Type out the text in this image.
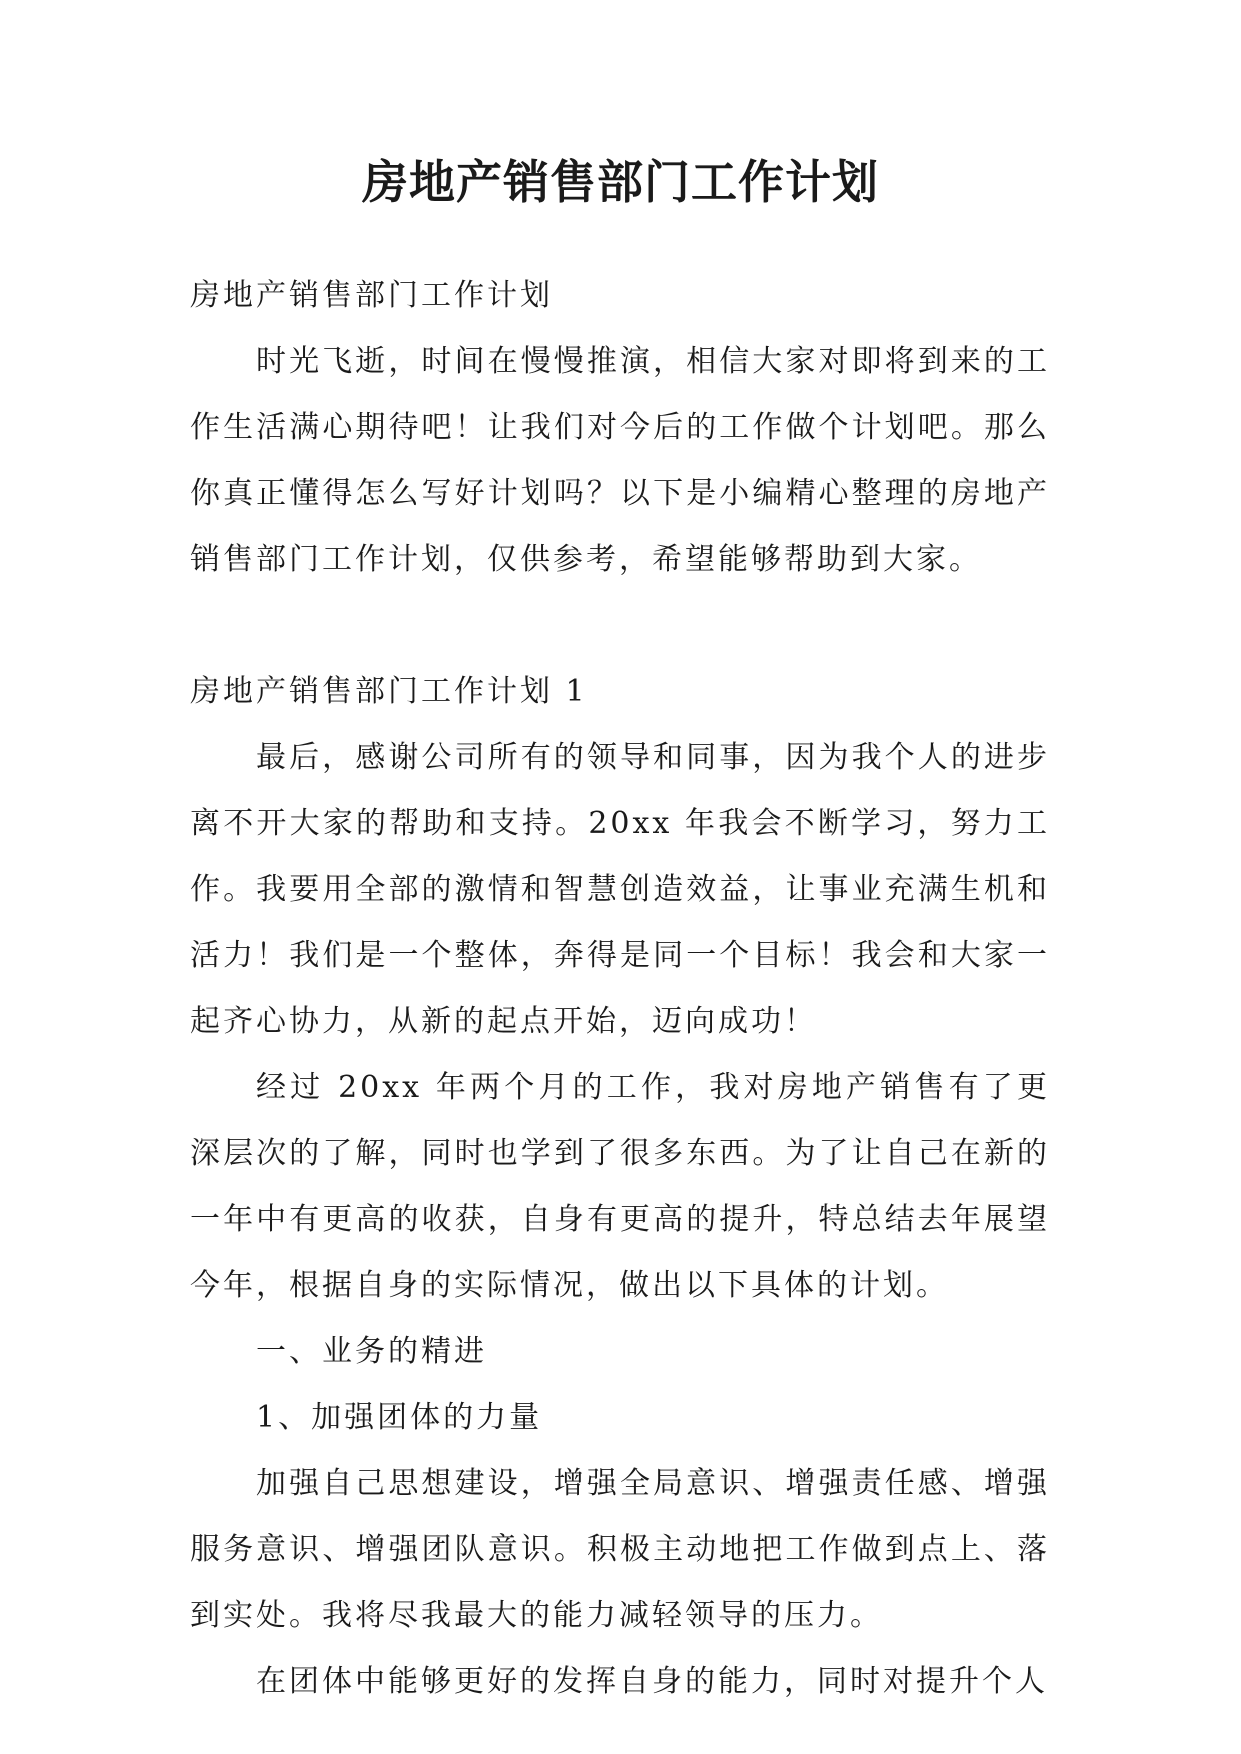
房地产销售部门工作计划

房地产销售部门工作计划

时光飞逝，时间在慢慢推演，相信大家对即将到来的工作生活满心期待吧！让我们对今后的工作做个计划吧。那么你真正懂得怎么写好计划吗？以下是小编精心整理的房地产销售部门工作计划，仅供参考，希望能够帮助到大家。

房地产销售部门工作计划 1

最后，感谢公司所有的领导和同事，因为我个人的进步离不开大家的帮助和支持。20xx 年我会不断学习，努力工作。我要用全部的激情和智慧创造效益，让事业充满生机和活力！我们是一个整体，奔得是同一个目标！我会和大家一起齐心协力，从新的起点开始，迈向成功！

经过 20xx 年两个月的工作，我对房地产销售有了更深层次的了解，同时也学到了很多东西。为了让自己在新的一年中有更高的收获，自身有更高的提升，特总结去年展望今年，根据自身的实际情况，做出以下具体的计划。

一、业务的精进

1、加强团体的力量

加强自己思想建设，增强全局意识、增强责任感、增强服务意识、增强团队意识。积极主动地把工作做到点上、落到实处。我将尽我最大的能力减轻领导的压力。

在团体中能够更好的发挥自身的能力，同时对提升个人
